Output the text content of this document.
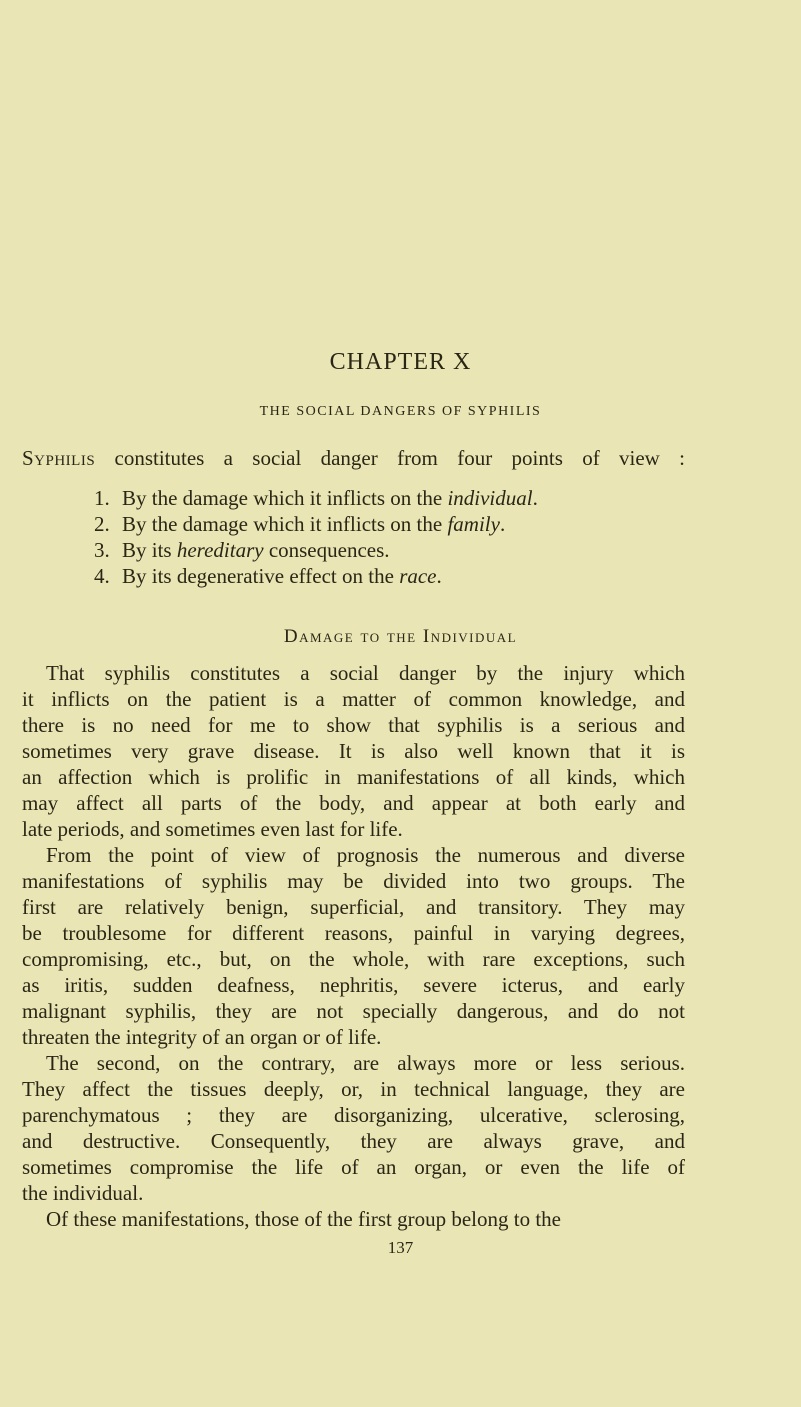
CHAPTER X
THE SOCIAL DANGERS OF SYPHILIS
Syphilis constitutes a social danger from four points of view :
1. By the damage which it inflicts on the individual.
2. By the damage which it inflicts on the family.
3. By its hereditary consequences.
4. By its degenerative effect on the race.
Damage to the Individual
That syphilis constitutes a social danger by the injury which
it inflicts on the patient is a matter of common knowledge, and
there is no need for me to show that syphilis is a serious and
sometimes very grave disease. It is also well known that it is
an affection which is prolific in manifestations of all kinds, which
may affect all parts of the body, and appear at both early and
late periods, and sometimes even last for life.
From the point of view of prognosis the numerous and diverse
manifestations of syphilis may be divided into two groups. The
first are relatively benign, superficial, and transitory. They may
be troublesome for different reasons, painful in varying degrees,
compromising, etc., but, on the whole, with rare exceptions, such
as iritis, sudden deafness, nephritis, severe icterus, and early
malignant syphilis, they are not specially dangerous, and do not
threaten the integrity of an organ or of life.
The second, on the contrary, are always more or less serious.
They affect the tissues deeply, or, in technical language, they are
parenchymatous ; they are disorganizing, ulcerative, sclerosing,
and destructive. Consequently, they are always grave, and
sometimes compromise the life of an organ, or even the life of
the individual.
Of these manifestations, those of the first group belong to the
137
